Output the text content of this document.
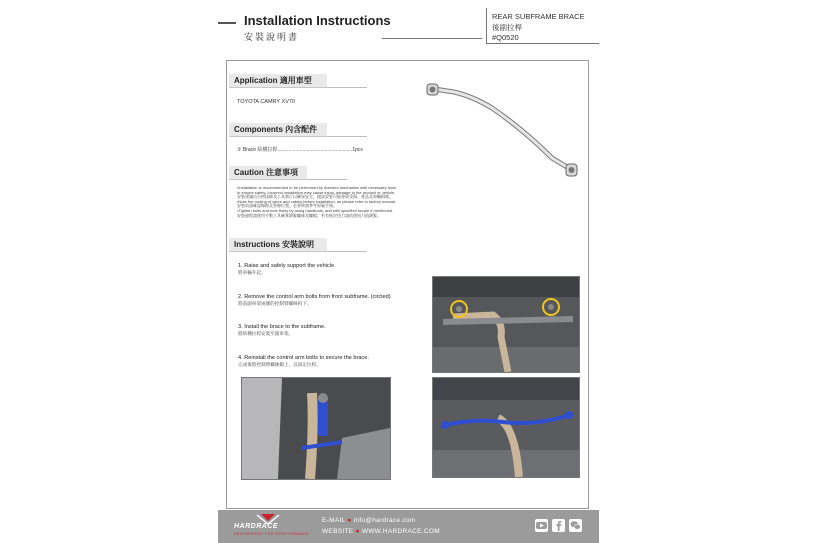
Installation Instructions
安裝說明書
REAR SUBFRAME BRACE
後副拉桿
#Q0520
Application 適用車型
TOYOTA CAMRY XV70
Components 內含配件
① Brace 結構拉桿......................................................1pcs
Caution 注意事項
•Installation is recommended to be performed by licensed mechanics with necessary tools
to ensure safety. Incorrect installation may cause injury, damage to the product or vehicle.
安裝建議由合格技師及工具執行以確保安全，錯誤安裝可能導致受傷、產品及車輛損壞。
•Note the routing of wires and cables before installation, as please refer to factory manual.
安裝前請確認線路及管線位置，必要時請參考原廠手冊。
•Tighten bolts and nuts firmly by using handtools, and with specified torque if mentioned.
安裝過程請使用手動工具確實鎖緊螺絲及螺帽，若有指定扭力請依照扭力值鎖緊。
Instructions 安裝說明
1. Raise and safely support the vehicle.
將車輛升起。
2. Remove the control arm bolts from front subframe. (circled)
將前副車架兩側的控制臂螺絲拆下。
3. Install the brace to the subframe.
將結構拉桿安裝至副車架。
4. Reinstall the control arm bolts to secure the brace.
完成後將控制臂螺絲鎖上，以固定拉桿。
HARDRACE
ENGINEERED FOR PERFORMANCE
E-MAIL ● info@hardrace.com
WEBSITE ● WWW.HARDRACE.COM
